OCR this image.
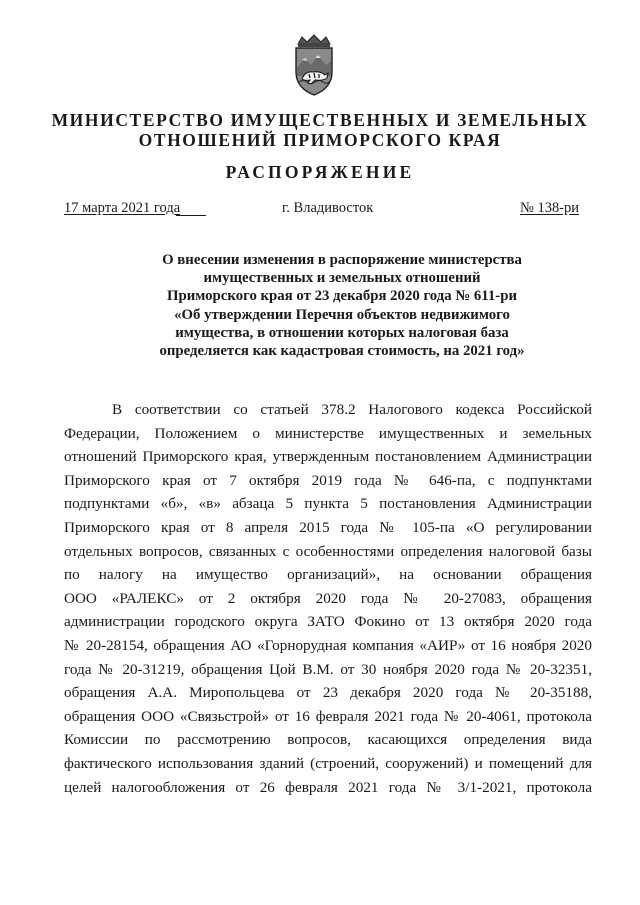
МИНИСТЕРСТВО ИМУЩЕСТВЕННЫХ И ЗЕМЕЛЬНЫХ
ОТНОШЕНИЙ ПРИМОРСКОГО КРАЯ
РАСПОРЯЖЕНИЕ
17 марта 2021 года	г. Владивосток	№ 138-ри
О внесении изменения в распоряжение министерства
имущественных и земельных отношений
Приморского края от 23 декабря 2020 года № 611-ри
«Об утверждении Перечня объектов недвижимого
имущества, в отношении которых налоговая база
определяется как кадастровая стоимость, на 2021 год»
В соответствии со статьей 378.2 Налогового кодекса Российской
Федерации, Положением о министерстве имущественных и земельных
отношений Приморского края, утвержденным постановлением Администрации
Приморского края от 7 октября 2019 года № 646-па, с подпунктами
подпунктами «б», «в» абзаца 5 пункта 5 постановления Администрации
Приморского края от 8 апреля 2015 года № 105-па «О регулировании
отдельных вопросов, связанных с особенностями определения налоговой базы
по налогу на имущество организаций», на основании обращения
ООО «РАЛЕКС» от 2 октября 2020 года № 20-27083, обращения
администрации городского округа ЗАТО Фокино от 13 октября 2020 года
№ 20-28154, обращения АО «Горнорудная компания «АИР» от 16 ноября 2020
года № 20-31219, обращения Цой В.М. от 30 ноября 2020 года № 20-32351,
обращения А.А. Миропольцева от 23 декабря 2020 года № 20-35188,
обращения ООО «Связьстрой» от 16 февраля 2021 года № 20-4061, протокола
Комиссии по рассмотрению вопросов, касающихся определения вида
фактического использования зданий (строений, сооружений) и помещений для
целей налогообложения от 26 февраля 2021 года № 3/1-2021, протокола
